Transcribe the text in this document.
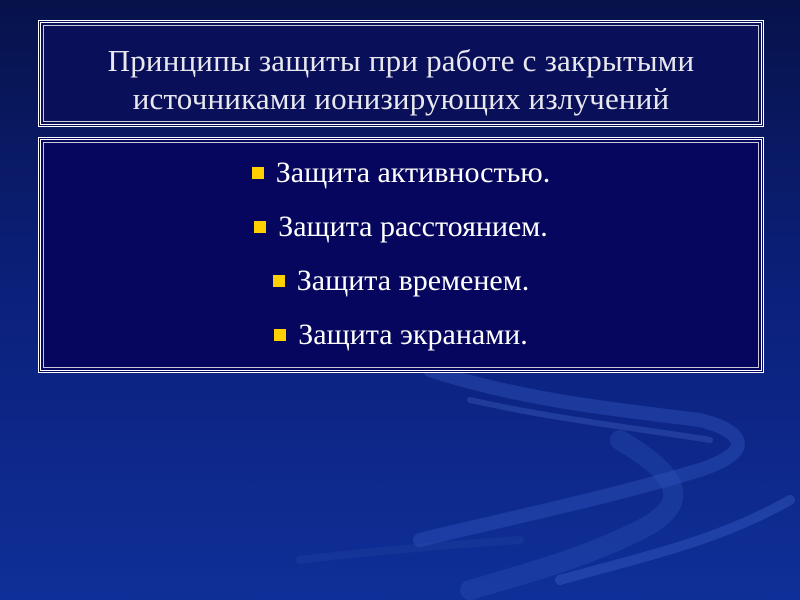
Принципы защиты при работе с закрытыми
источниками ионизирующих излучений
Защита активностью.
Защита расстоянием.
Защита временем.
Защита экранами.
